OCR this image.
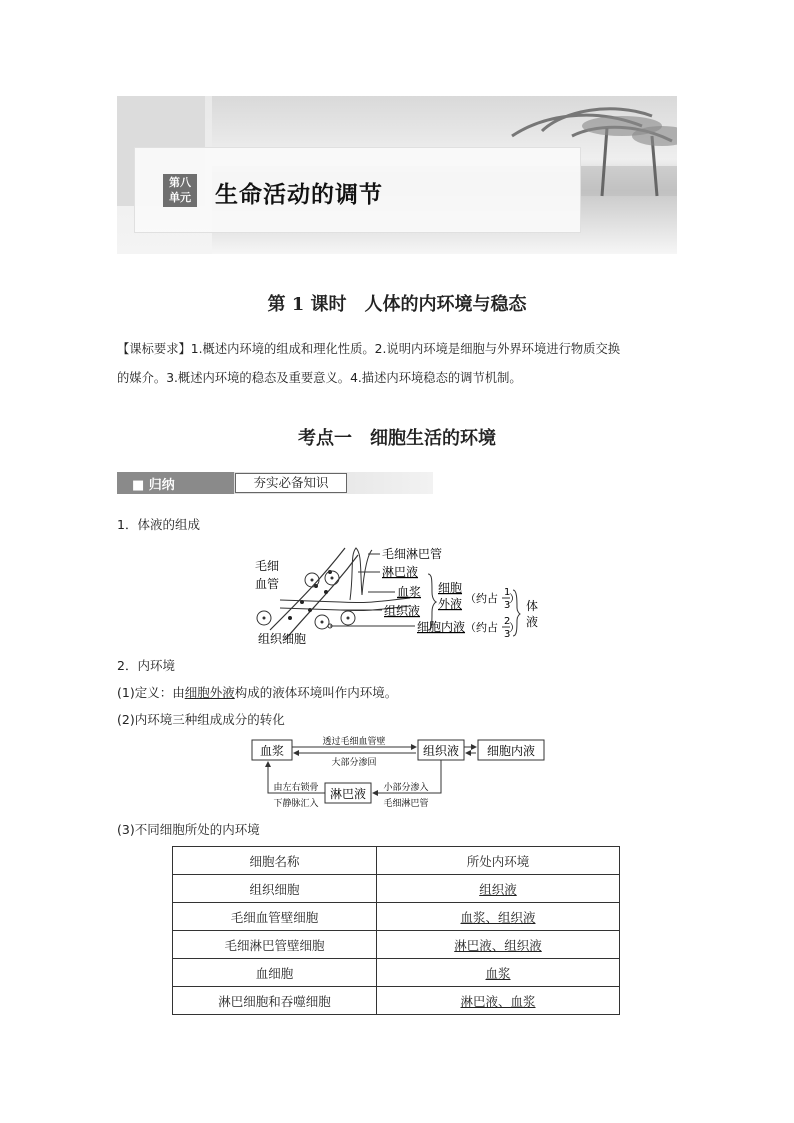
第八
单元 生命活动的调节
第 1 课时　人体的内环境与稳态
【课标要求】1.概述内环境的组成和理化性质。2.说明内环境是细胞与外界环境进行物质交换
的媒介。3.概述内环境的稳态及重要意义。4.描述内环境稳态的调节机制。
考点一　细胞生活的环境
■ 归纳	夯实必备知识
1．体液的组成
毛细
血管
毛细淋巴管
淋巴液
血浆
组织液
细胞
外液 （约占 1
3
）
细胞内液 （约占 2
3
）
体
液
组织细胞
2．内环境
(1)定义：由细胞外液构成的液体环境叫作内环境。
(2)内环境三种组成成分的转化
血浆	组织液 细胞内液
淋巴液
透过毛细血管壁
大部分渗回
小部分渗入
毛细淋巴管
由左右锁骨
下静脉汇入
(3)不同细胞所处的内环境
细胞名称	所处内环境
组织细胞	组织液
毛细血管壁细胞	血浆、组织液
毛细淋巴管壁细胞	淋巴液、组织液
血细胞	血浆
淋巴细胞和吞噬细胞	淋巴液、血浆
